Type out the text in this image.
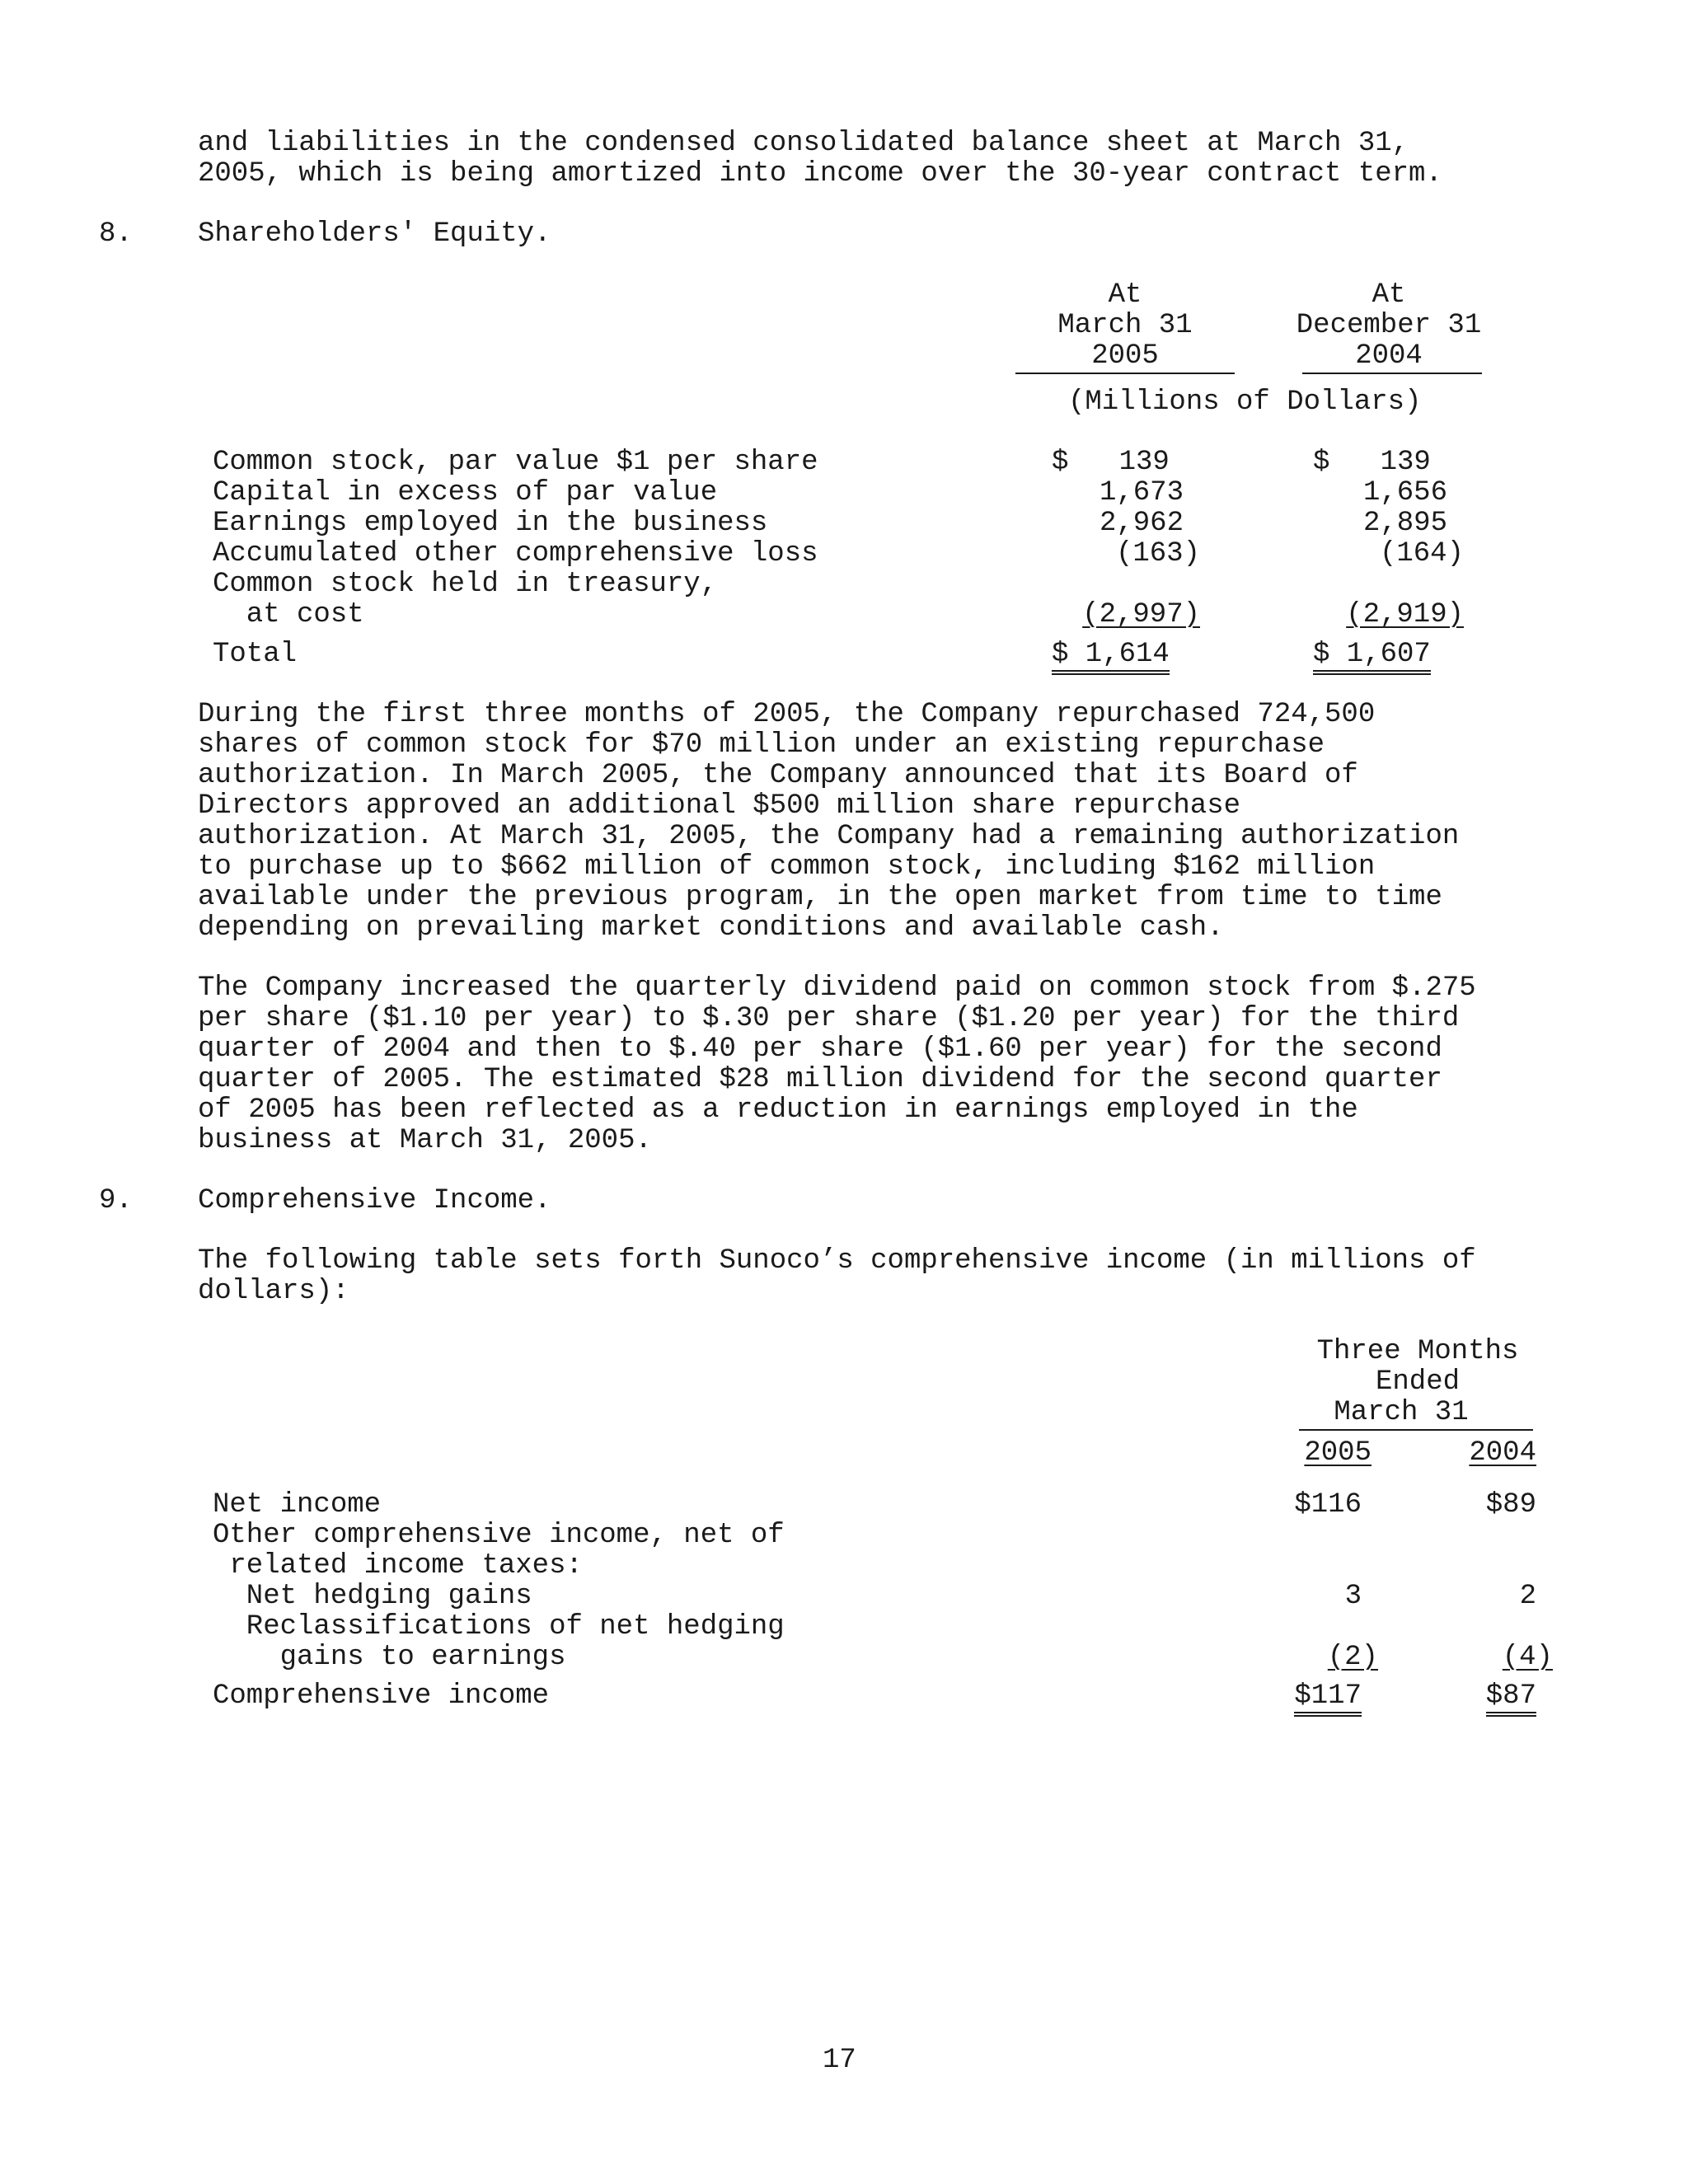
and liabilities in the condensed consolidated balance sheet at March 31,
2005, which is being amortized into income over the 30-year contract term.
8. Shareholders' Equity.
At
March 31
2005
At
December 31
2004
(Millions of Dollars)
Common stock, par value $1 per share	$   139	$   139
Capital in excess of par value	1,673	1,656
Earnings employed in the business	2,962	2,895
Accumulated other comprehensive loss	(163)	(164)
Common stock held in treasury,
at cost	(2,997)	(2,919)
Total	$ 1,614	$ 1,607
During the first three months of 2005, the Company repurchased 724,500
shares of common stock for $70 million under an existing repurchase
authorization. In March 2005, the Company announced that its Board of
Directors approved an additional $500 million share repurchase
authorization. At March 31, 2005, the Company had a remaining authorization
to purchase up to $662 million of common stock, including $162 million
available under the previous program, in the open market from time to time
depending on prevailing market conditions and available cash.
The Company increased the quarterly dividend paid on common stock from $.275
per share ($1.10 per year) to $.30 per share ($1.20 per year) for the third
quarter of 2004 and then to $.40 per share ($1.60 per year) for the second
quarter of 2005. The estimated $28 million dividend for the second quarter
of 2005 has been reflected as a reduction in earnings employed in the
business at March 31, 2005.
9. Comprehensive Income.
The following table sets forth Sunoco’s comprehensive income (in millions of
dollars):
Three Months
Ended
March 31
2005	2004
Net income	$116	$89
Other comprehensive income, net of
related income taxes:
Net hedging gains	3	2
Reclassifications of net hedging
gains to earnings	(2)	(4)
Comprehensive income	$117	$87
17
